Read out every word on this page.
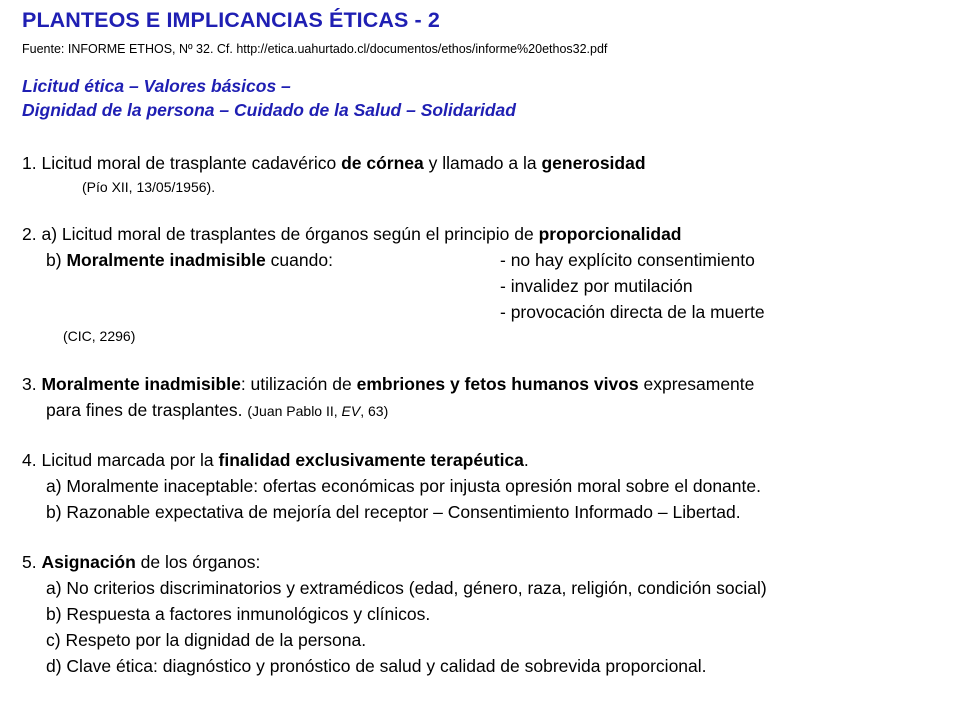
PLANTEOS E IMPLICANCIAS ÉTICAS - 2
Fuente: INFORME ETHOS, Nº 32. Cf. http://etica.uahurtado.cl/documentos/ethos/informe%20ethos32.pdf
Licitud ética – Valores básicos –
Dignidad de la persona – Cuidado de la Salud – Solidaridad
1. Licitud moral de trasplante cadavérico de córnea y llamado a la generosidad
(Pío XII, 13/05/1956).
2. a) Licitud moral de trasplantes de órganos según el principio de proporcionalidad
b) Moralmente inadmisible cuando:	- no hay explícito consentimiento
- invalidez por mutilación
- provocación directa de la muerte
(CIC, 2296)
3. Moralmente inadmisible: utilización de embriones y fetos humanos vivos expresamente
para fines de trasplantes. (Juan Pablo II, EV, 63)
4. Licitud marcada por la finalidad exclusivamente terapéutica.
a) Moralmente inaceptable: ofertas económicas por injusta opresión moral sobre el donante.
b) Razonable expectativa de mejoría del receptor – Consentimiento Informado – Libertad.
5. Asignación de los órganos:
a) No criterios discriminatorios y extramédicos (edad, género, raza, religión, condición social)
b) Respuesta a factores inmunológicos y clínicos.
c) Respeto por la dignidad de la persona.
d) Clave ética: diagnóstico y pronóstico de salud y calidad de sobrevida proporcional.
